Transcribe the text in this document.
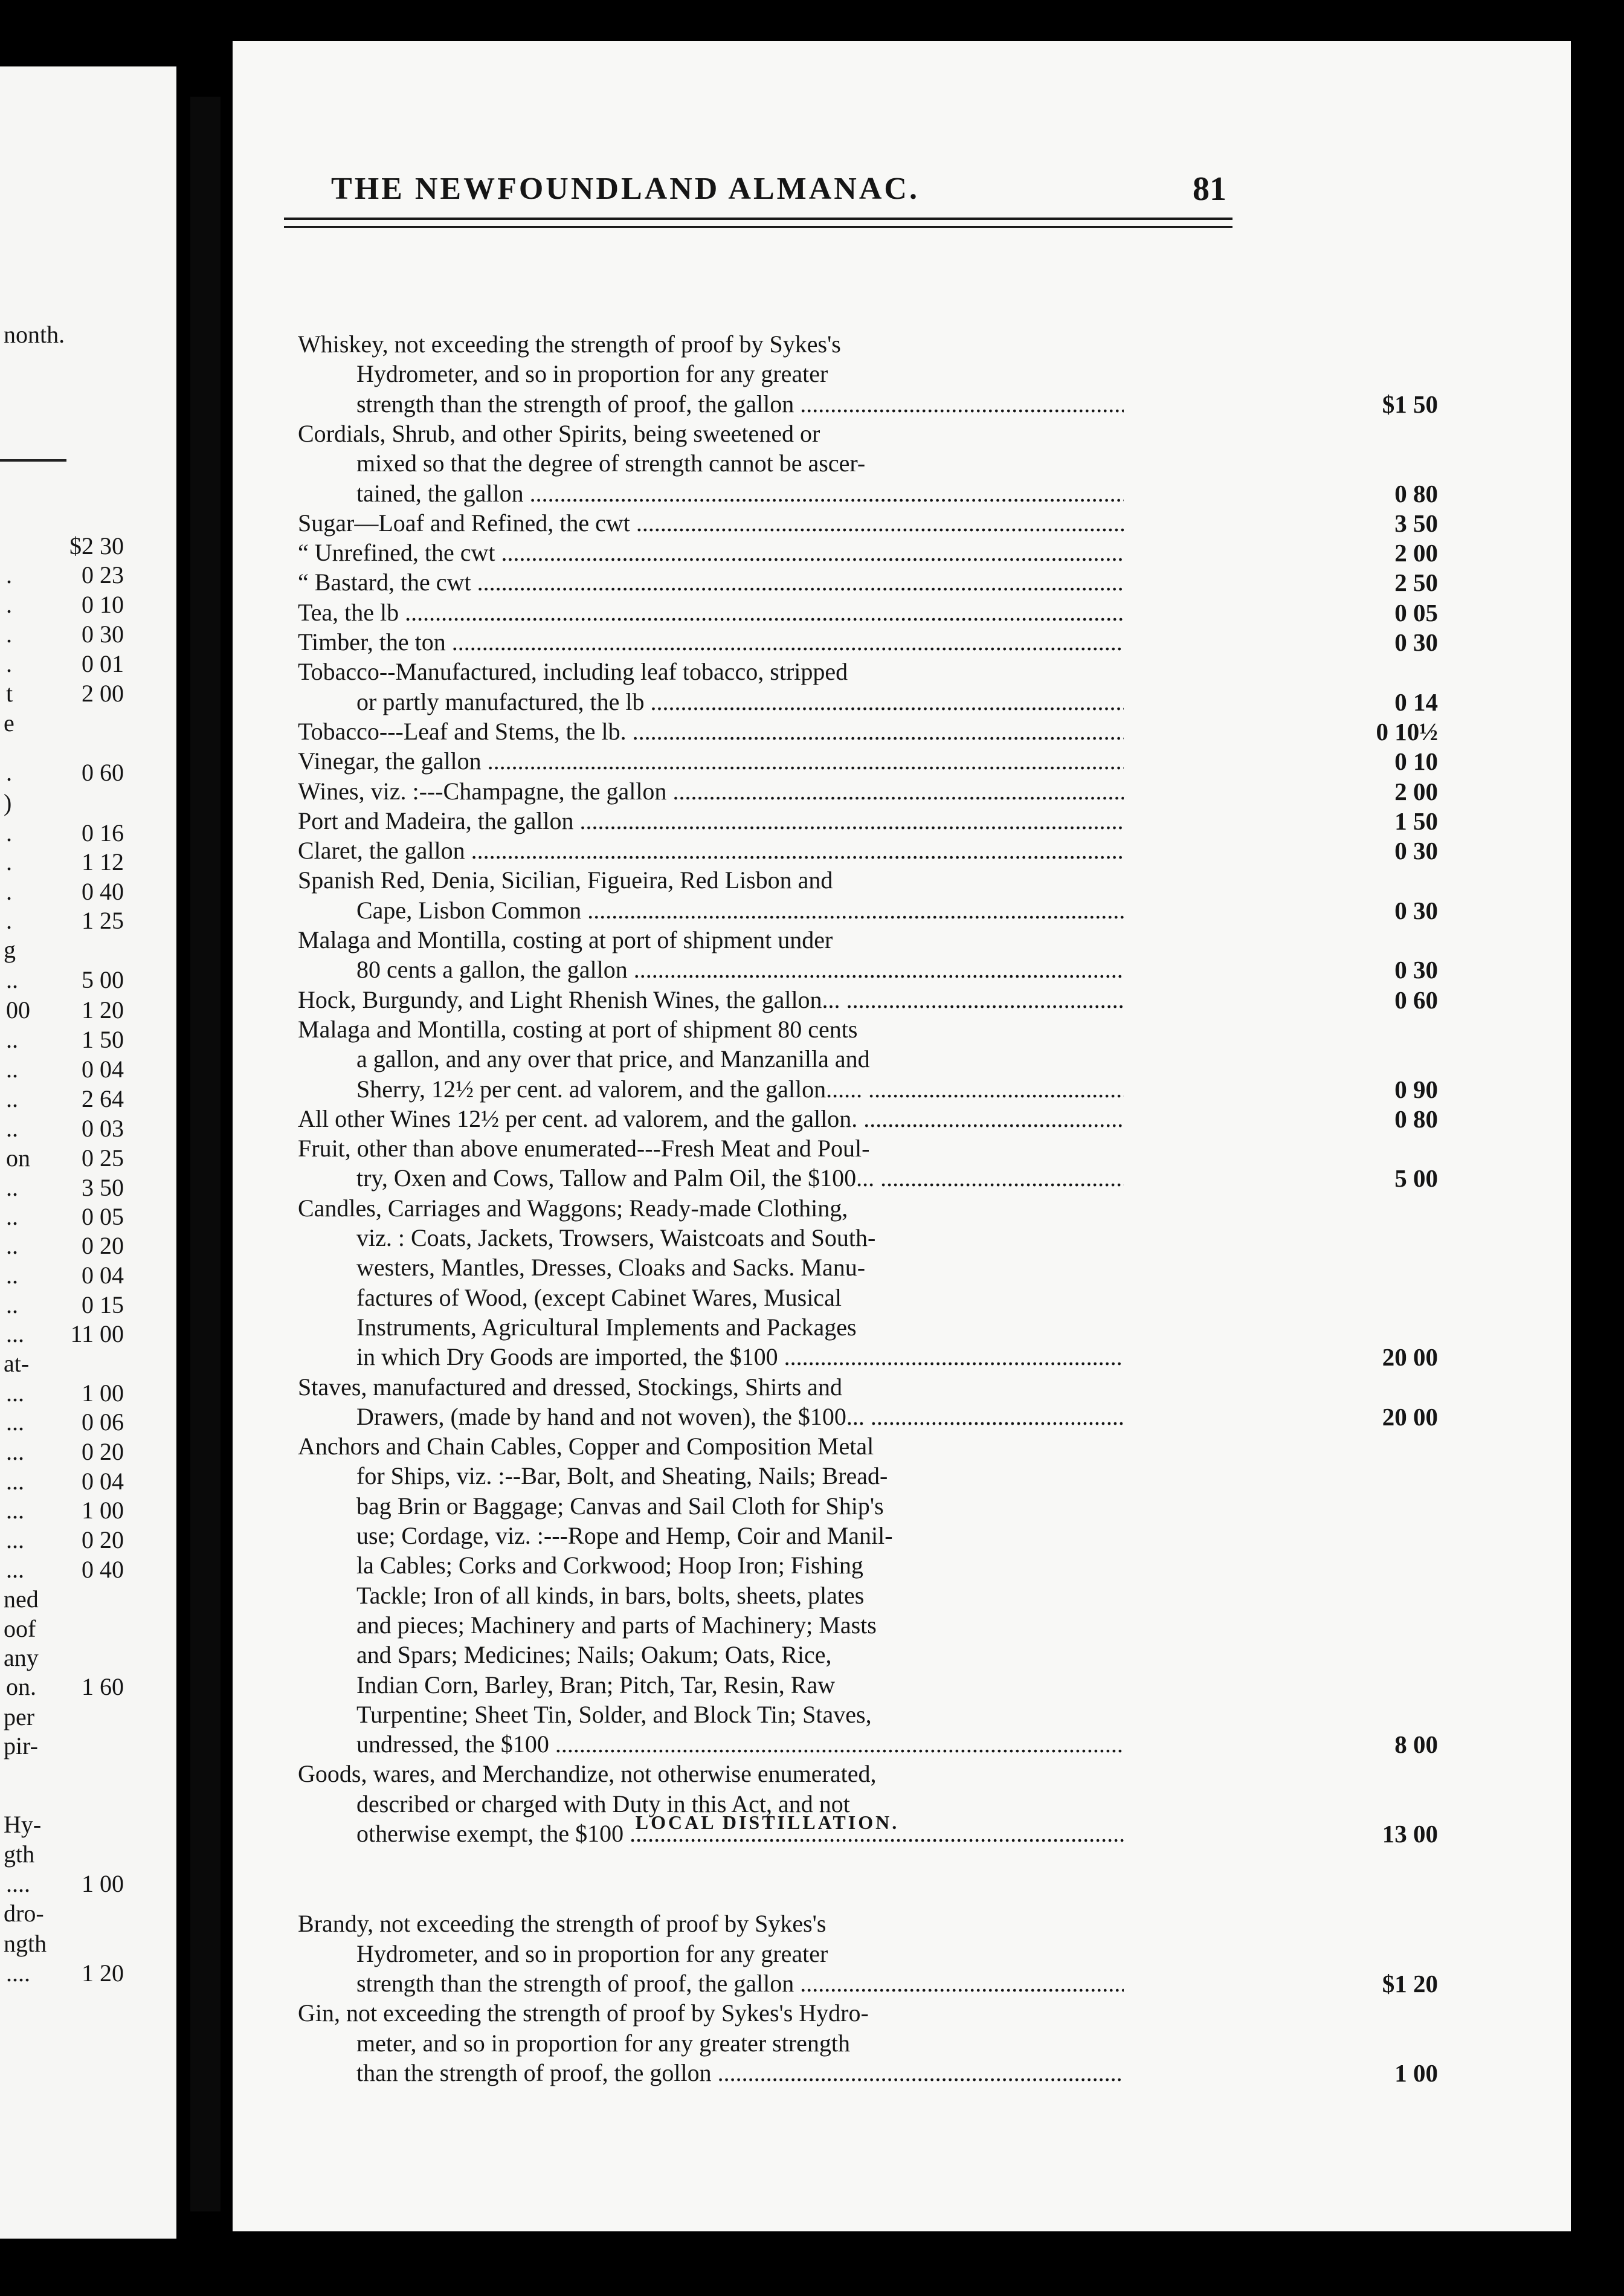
nonth.
$2 30
.	0 23
.	0 10
.	0 30
.	0 01
t	2 00
e
.	0 60
)
.	0 16
.	1 12
.	0 40
.	1 25
g
..	5 00
00	1 20
..	1 50
..	0 04
..	2 64
..	0 03
on	0 25
..	3 50
..	0 05
..	0 20
..	0 04
..	0 15
...	11 00
at-
...	1 00
...	0 06
...	0 20
...	0 04
...	1 00
...	0 20
...	0 40
ned
oof
any
on.	1 60
per
pir-
Hy-
gth
....	1 00
dro-
ngth
....	1 20
THE NEWFOUNDLAND ALMANAC.	81
LOCAL DISTILLATION.
Whiskey, not exceeding the strength of proof by Sykes's
Hydrometer, and so in proportion for any greater
strength than the strength of proof, the gallon .....	$1 50
Cordials, Shrub, and other Spirits, being sweetened or
mixed so that the degree of strength cannot be ascer-
tained, the gallon .....	0 80
Sugar—Loaf and Refined, the cwt .....	3 50
“ Unrefined, the cwt .....	2 00
“ Bastard, the cwt .....	2 50
Tea, the lb .....	0 05
Timber, the ton .....	0 30
Tobacco--Manufactured, including leaf tobacco, stripped
or partly manufactured, the lb .....	0 14
Tobacco---Leaf and Stems, the lb. .....	0 10½
Vinegar, the gallon .....	0 10
Wines, viz. :---Champagne, the gallon .....	2 00
Port and Madeira, the gallon .....	1 50
Claret, the gallon .....	0 30
Spanish Red, Denia, Sicilian, Figueira, Red Lisbon and
Cape, Lisbon Common .....	0 30
Malaga and Montilla, costing at port of shipment under
80 cents a gallon, the gallon .....	0 30
Hock, Burgundy, and Light Rhenish Wines, the gallon... .....	0 60
Malaga and Montilla, costing at port of shipment 80 cents
a gallon, and any over that price, and Manzanilla and
Sherry, 12½ per cent. ad valorem, and the gallon...... .....	0 90
All other Wines 12½ per cent. ad valorem, and the gallon. .....	0 80
Fruit, other than above enumerated---Fresh Meat and Poul-
try, Oxen and Cows, Tallow and Palm Oil, the $100... .....	5 00
Candles, Carriages and Waggons; Ready-made Clothing,
viz. : Coats, Jackets, Trowsers, Waistcoats and South-
westers, Mantles, Dresses, Cloaks and Sacks. Manu-
factures of Wood, (except Cabinet Wares, Musical
Instruments, Agricultural Implements and Packages
in which Dry Goods are imported, the $100 .....	20 00
Staves, manufactured and dressed, Stockings, Shirts and
Drawers, (made by hand and not woven), the $100... .....	20 00
Anchors and Chain Cables, Copper and Composition Metal
for Ships, viz. :--Bar, Bolt, and Sheating, Nails; Bread-
bag Brin or Baggage; Canvas and Sail Cloth for Ship's
use; Cordage, viz. :---Rope and Hemp, Coir and Manil-
la Cables; Corks and Corkwood; Hoop Iron; Fishing
Tackle; Iron of all kinds, in bars, bolts, sheets, plates
and pieces; Machinery and parts of Machinery; Masts
and Spars; Medicines; Nails; Oakum; Oats, Rice,
Indian Corn, Barley, Bran; Pitch, Tar, Resin, Raw
Turpentine; Sheet Tin, Solder, and Block Tin; Staves,
undressed, the $100 .....	8 00
Goods, wares, and Merchandize, not otherwise enumerated,
described or charged with Duty in this Act, and not
otherwise exempt, the $100 .....	13 00
Brandy, not exceeding the strength of proof by Sykes's
Hydrometer, and so in proportion for any greater
strength than the strength of proof, the gallon .....	$1 20
Gin, not exceeding the strength of proof by Sykes's Hydro-
meter, and so in proportion for any greater strength
than the strength of proof, the gollon .....	1 00
